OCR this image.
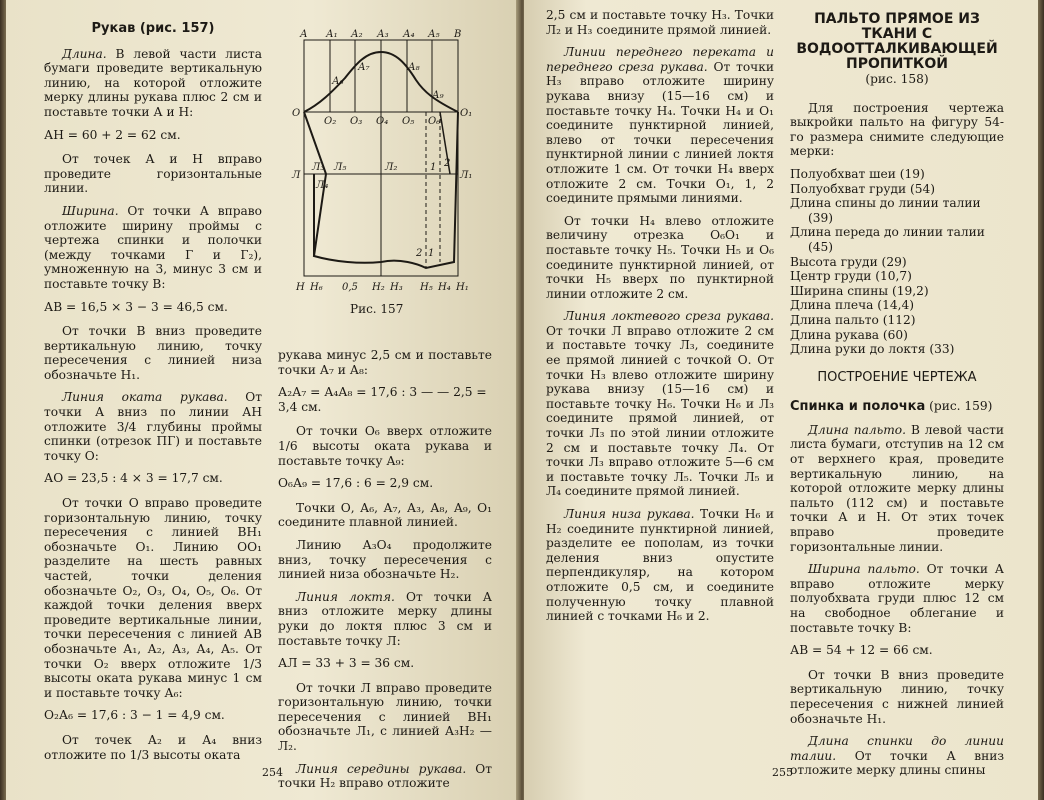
Рукав (рис. 157)

Длина. В левой части листа бумаги проведите вертикальную линию, на которой отложите мерку длины рукава плюс 2 см и поставьте точки А и Н:

АН = 60 + 2 = 62 см.

От точек А и Н вправо проведите горизонтальные линии.

Ширина. От точки А вправо отложите ширину проймы с чертежа спинки и полочки (между точками Г и Г₂), умноженную на 3, минус 3 см и поставьте точку В:

АВ = 16,5 × 3 − 3 = 46,5 см.

От точки В вниз проведите вертикальную линию, точку пересечения с линией низа обозначьте Н₁.

Линия оката рукава. От точки А вниз по линии АН отложите 3/4 глубины проймы спинки (отрезок ПГ) и поставьте точку О:

АО = 23,5 : 4 × 3 = 17,7 см.

От точки О вправо проведите горизонтальную линию, точку пересечения с линией ВН₁ обозначьте О₁. Линию ОО₁ разделите на шесть равных частей, точки деления обозначьте О₂, О₃, О₄, О₅, О₆. От каждой точки деления вверх проведите вертикальные линии, точки пересечения с линией АВ обозначьте А₁, А₂, А₃, А₄, А₅. От точки О₂ вверх отложите 1/3 высоты оката рукава минус 1 см и поставьте точку А₆:

О₂А₆ = 17,6 : 3 − 1 = 4,9 см.

От точек А₂ и А₄ вниз отложите по 1/3 высоты оката

А А₁ А₂ А₃ А₄ А₅ В
А₇
А₆
А₈
А₉
О
О₂ О₃ О₄ О₅ О₆
О₁
Л
Л₃ Л₅	Л₂
Л₁
Л₄
2
1
2 1
Н Н₆ 0,5 Н₂ Н₃ Н₅ Н₄ Н₁
Рис. 157

рукава минус 2,5 см и поставьте точки А₇ и А₈:

А₂А₇ = А₄А₈ = 17,6 : 3 — — 2,5 = 3,4 см.

От точки О₆ вверх отложите 1/6 высоты оката рукава и поставьте точку А₉:

О₆А₉ = 17,6 : 6 = 2,9 см.

Точки О, А₆, А₇, А₃, А₈, А₉, О₁ соедините плавной линией.

Линию А₃О₄ продолжите вниз, точку пересечения с линией низа обозначьте Н₂.

Линия локтя. От точки А вниз отложите мерку длины руки до локтя плюс 3 см и поставьте точку Л:

АЛ = 33 + 3 = 36 см.

От точки Л вправо проведите горизонтальную линию, точки пересечения с линией ВН₁ обозначьте Л₁, с линией А₃Н₂ — Л₂.

Линия середины рукава. От точки Н₂ вправо отложите

254

2,5 см и поставьте точку Н₃. Точки Л₂ и Н₃ соедините прямой линией.

Линии переднего переката и переднего среза рукава. От точки Н₃ вправо отложите ширину рукава внизу (15—16 см) и поставьте точку Н₄. Точки Н₄ и О₁ соедините пунктирной линией, влево от точки пересечения пунктирной линии с линией локтя отложите 1 см. От точки Н₄ вверх отложите 2 см. Точки О₁, 1, 2 соедините прямыми линиями.

От точки Н₄ влево отложите величину отрезка О₆О₁ и поставьте точку Н₅. Точки Н₅ и О₆ соедините пунктирной линией, от точки Н₅ вверх по пунктирной линии отложите 2 см.

Линия локтевого среза рукава. От точки Л вправо отложите 2 см и поставьте точку Л₃, соедините ее прямой линией с точкой О. От точки Н₃ влево отложите ширину рукава внизу (15—16 см) и поставьте точку Н₆. Точки Н₆ и Л₃ соедините прямой линией, от точки Л₃ по этой линии отложите 2 см и поставьте точку Л₄. От точки Л₃ вправо отложите 5—6 см и поставьте точку Л₅. Точки Л₅ и Л₄ соедините прямой линией.

Линия низа рукава. Точки Н₆ и Н₂ соедините пунктирной линией, разделите ее пополам, из точки деления вниз опустите перпендикуляр, на котором отложите 0,5 см, и соедините полученную точку плавной линией с точками Н₆ и 2.

ПАЛЬТО ПРЯМОЕ ИЗ ТКАНИ С ВОДООТТАЛКИВАЮЩЕЙ ПРОПИТКОЙ
(рис. 158)

Для построения чертежа выкройки пальто на фигуру 54-го размера снимите следующие мерки:

Полуобхват шеи (19)
Полуобхват груди (54)
Длина спины до линии талии (39)
Длина переда до линии талии (45)
Высота груди (29)
Центр груди (10,7)
Ширина спины (19,2)
Длина плеча (14,4)
Длина пальто (112)
Длина рукава (60)
Длина руки до локтя (33)
ПОСТРОЕНИЕ ЧЕРТЕЖА

Спинка и полочка (рис. 159)

Длина пальто. В левой части листа бумаги, отступив на 12 см от верхнего края, проведите вертикальную линию, на которой отложите мерку длины пальто (112 см) и поставьте точки А и Н. От этих точек вправо проведите горизонтальные линии.

Ширина пальто. От точки А вправо отложите мерку полуобхвата груди плюс 12 см на свободное облегание и поставьте точку В:

АВ = 54 + 12 = 66 см.

От точки В вниз проведите вертикальную линию, точку пересечения с нижней линией обозначьте Н₁.

Длина спинки до линии талии. От точки А вниз отложите мерку длины спины

255
